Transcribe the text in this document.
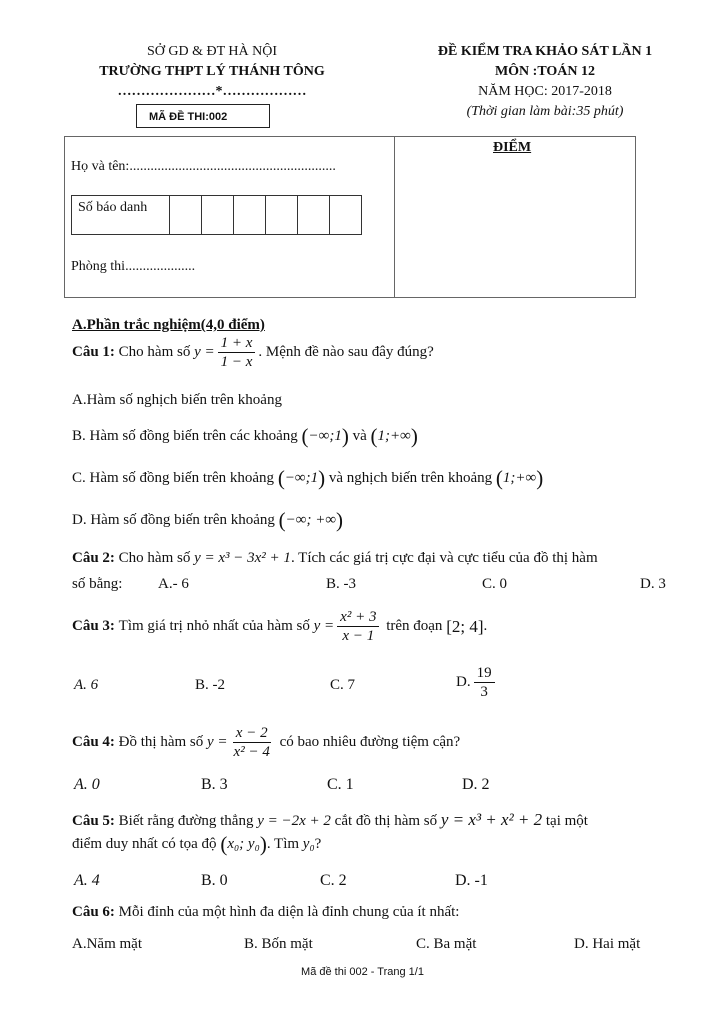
SỞ GD & ĐT HÀ NỘI
TRƯỜNG THPT LÝ THÁNH TÔNG
…………………*………………
MÃ ĐỀ THI:002
ĐỀ KIỂM TRA KHẢO SÁT LẦN 1
MÔN :TOÁN 12
NĂM HỌC: 2017-2018
(Thời gian làm bài:35 phút)
Họ và tên:...........................................................
Số báo danh
Phòng thi....................
ĐIỂM
A.Phần trắc nghiệm(4,0 điểm)
Câu 1:
Cho hàm số
$y = \frac{1 + x}{1 - x}$ . Mệnh đề nào sau đây đúng?
A.Hàm số nghịch biến trên khoảng
B. Hàm số đồng biến trên các khoảng
( −∞;1 )
và
( 1;+∞ )
C. Hàm số đồng biến trên khoảng
( −∞;1 )
và nghịch biến trên khoảng
( 1;+∞ )
D. Hàm số đồng biến trên khoảng
( −∞; +∞ )
Câu 2: Cho hàm số y = x³ − 3x² + 1. Tích các giá trị cực đại và cực tiểu của đồ thị hàm
số bằng: A.- 6	B. -3	C. 0	D. 3
Câu 3:
Tìm giá trị nhỏ nhất của hàm số
$y = \frac{\text{x² + 3}}{x - 1}$
trên đoạn
[2; 4] .
A. 6	B. -2	C. 7	D. $\frac{19}{3}$
Câu 4:
Đồ thị hàm số
$y = \frac{x - 2}{\text{x² − 4}}$
có bao nhiêu đường tiệm cận?
A. 0	B. 3	C. 1	D. 2
Câu 5: Biết rằng đường thẳng y = −2x + 2 cắt đồ thị hàm số y = x³ + x² + 2 tại một
điểm duy nhất có tọa độ
( x₀; y₀ ) . Tìm
y₀ ?
A. 4	B. 0	C. 2	D. -1
Câu 6: Mỗi đỉnh của một hình đa diện là đỉnh chung của ít nhất:
A.Năm mặt	B. Bốn mặt	C. Ba mặt	D. Hai mặt
Mã đề thi 002 - Trang 1/1
